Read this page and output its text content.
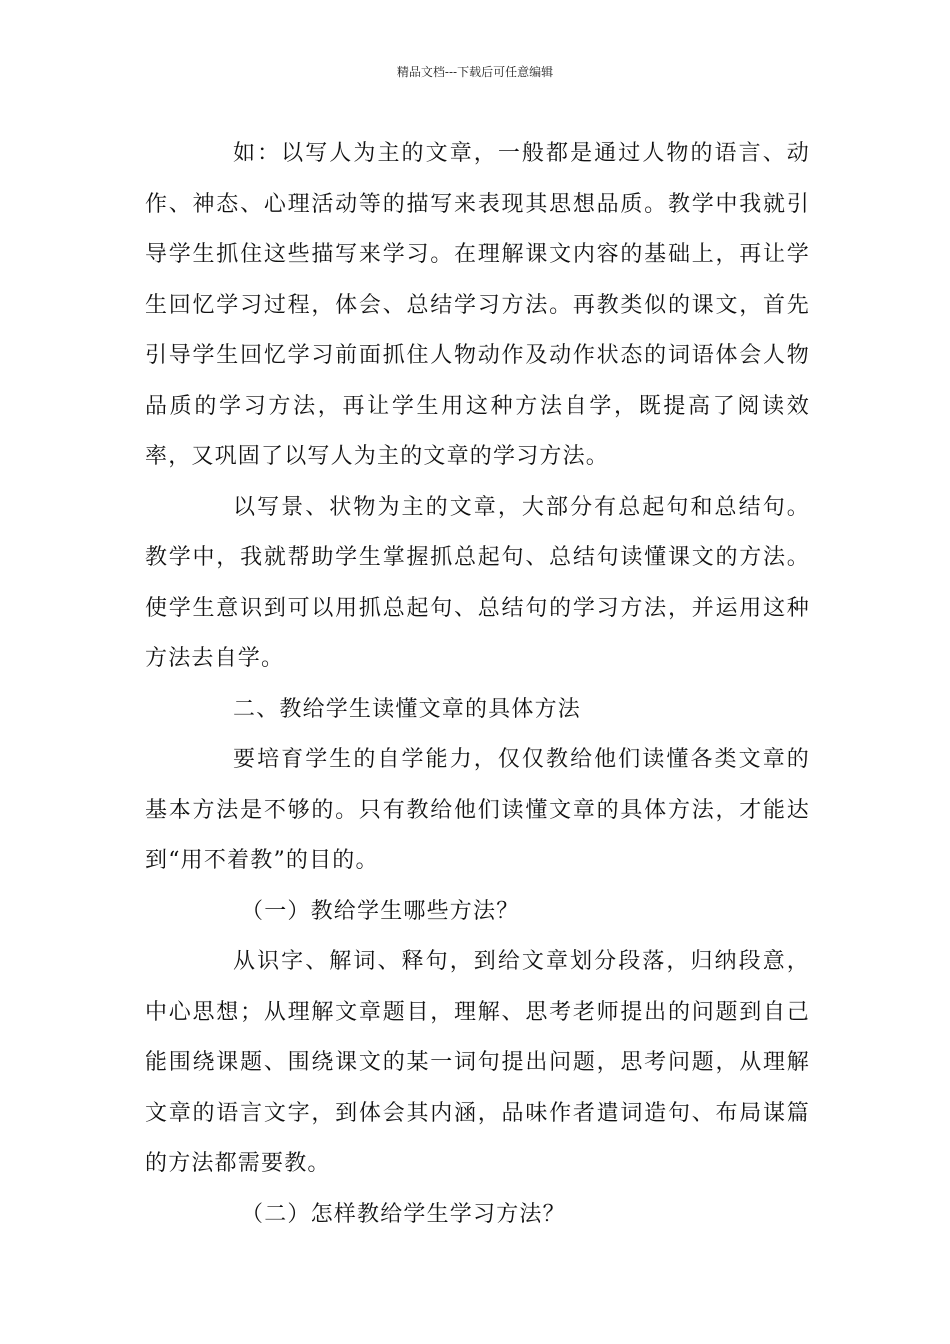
精品文档---下载后可任意编辑

如：以写人为主的文章，一般都是通过人物的语言、动作、神态、心理活动等的描写来表现其思想品质。教学中我就引导学生抓住这些描写来学习。在理解课文内容的基础上，再让学生回忆学习过程，体会、总结学习方法。再教类似的课文，首先引导学生回忆学习前面抓住人物动作及动作状态的词语体会人物品质的学习方法，再让学生用这种方法自学，既提高了阅读效率，又巩固了以写人为主的文章的学习方法。

以写景、状物为主的文章，大部分有总起句和总结句。教学中，我就帮助学生掌握抓总起句、总结句读懂课文的方法。使学生意识到可以用抓总起句、总结句的学习方法，并运用这种方法去自学。

二、教给学生读懂文章的具体方法

要培育学生的自学能力，仅仅教给他们读懂各类文章的基本方法是不够的。只有教给他们读懂文章的具体方法，才能达到“用不着教”的目的。

（一）教给学生哪些方法？

从识字、解词、释句，到给文章划分段落，归纳段意，中心思想；从理解文章题目，理解、思考老师提出的问题到自己能围绕课题、围绕课文的某一词句提出问题，思考问题，从理解文章的语言文字，到体会其内涵，品味作者遣词造句、布局谋篇的方法都需要教。

（二）怎样教给学生学习方法？
